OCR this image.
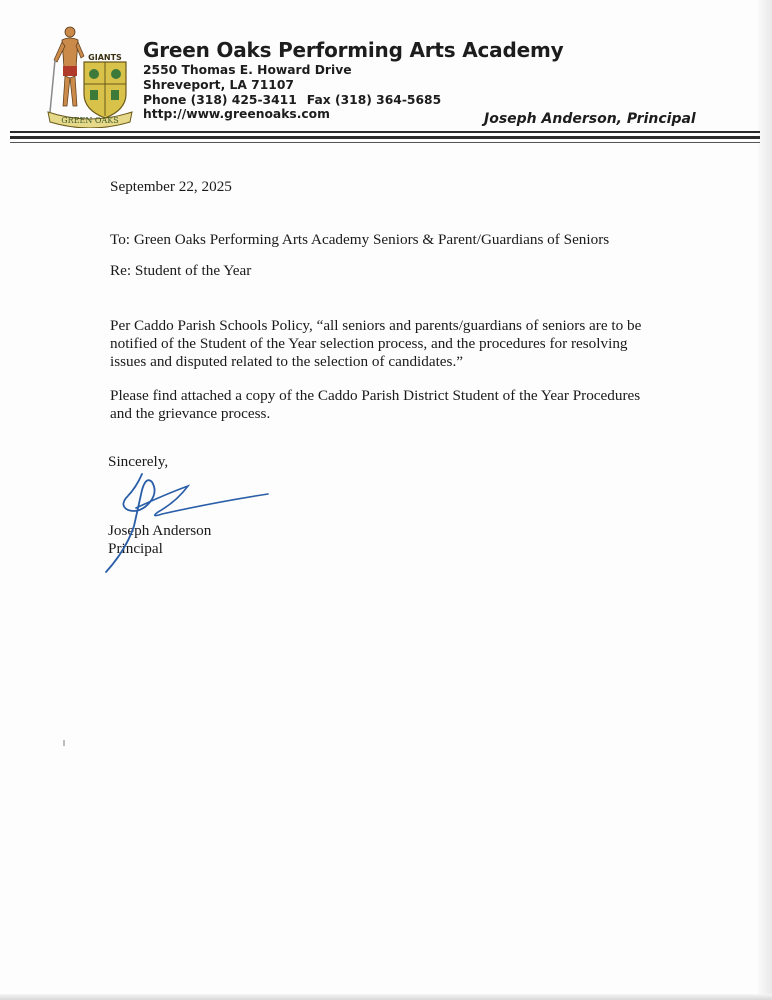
GIANTS
GREEN OAKS
Green Oaks Performing Arts Academy
2550 Thomas E. Howard Drive
Shreveport, LA 71107
Phone (318) 425-3411 Fax (318) 364-5685
http://www.greenoaks.com	Joseph Anderson, Principal
September 22, 2025
To: Green Oaks Performing Arts Academy Seniors & Parent/Guardians of Seniors
Re: Student of the Year
Per Caddo Parish Schools Policy, “all seniors and parents/guardians of seniors are to be
notified of the Student of the Year selection process, and the procedures for resolving
issues and disputed related to the selection of candidates.”
Please find attached a copy of the Caddo Parish District Student of the Year Procedures
and the grievance process.
Sincerely,
Joseph Anderson
Principal
